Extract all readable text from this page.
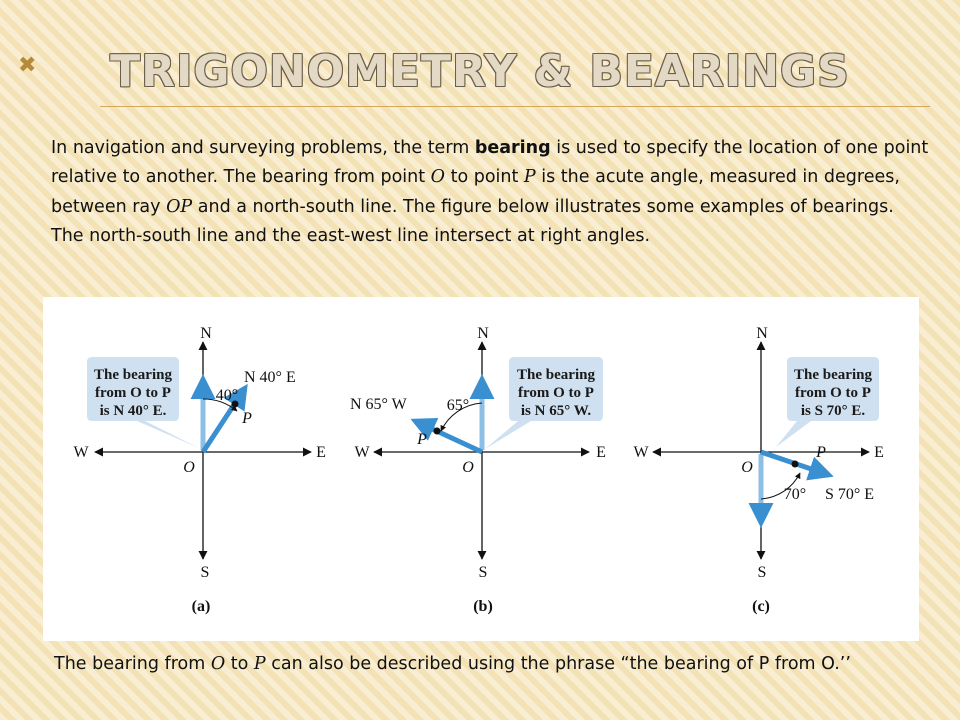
✖	TRIGONOMETRY & BEARINGS

In navigation and surveying problems, the term bearing is used to specify the location of one point relative to another. The bearing from point O to point P is the acute angle, measured in degrees, between ray OP and a north-south line. The figure below illustrates some examples of bearings. The north-south line and the east-west line intersect at right angles.

The bearing
from O to P
is N 40° E.
N
S
E
W
O
P
40°
N 40° E
(a)
The bearing
from O to P
is N 65° W.
N
S
E
W
O
P
65°
N 65° W
(b)
The bearing
from O to P
is S 70° E.
N
S
E
W
O
P
70° S 70° E
(c)

The bearing from O to P can also be described using the phrase “the bearing of P from O.’’
